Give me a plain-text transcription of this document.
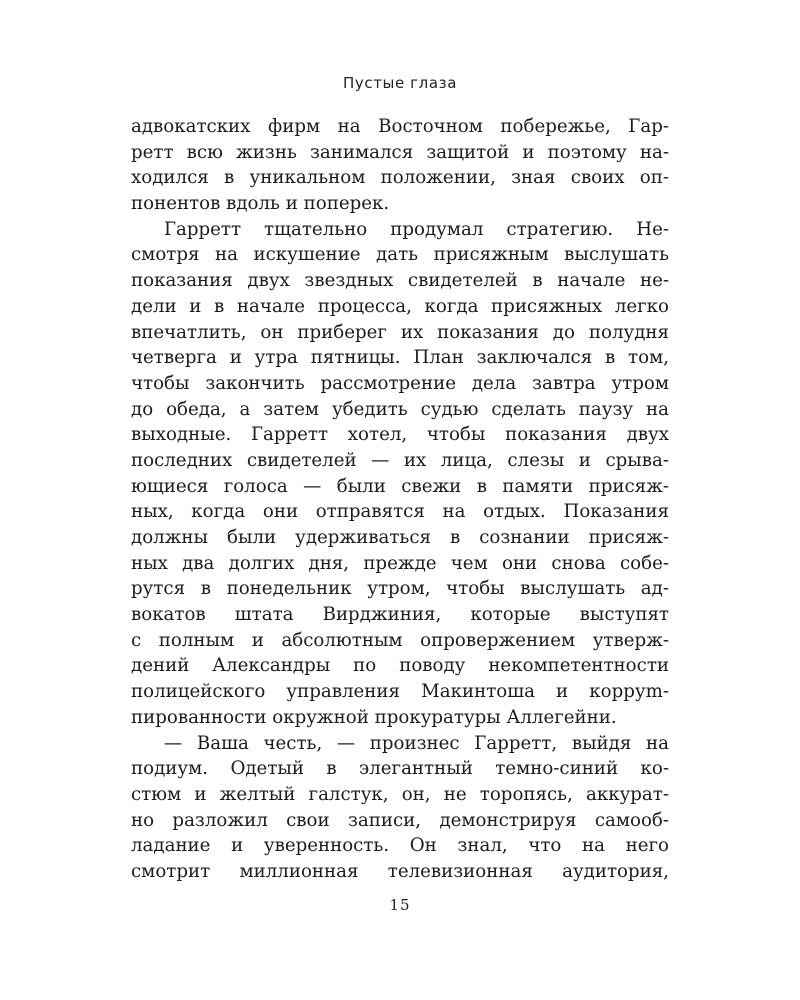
Пустые глаза
адвокатских фирм на Восточном побережье, Гар-
ретт всю жизнь занимался защитой и поэтому на-
ходился в уникальном положении, зная своих оп-
понентов вдоль и поперек.
Гарретт тщательно продумал стратегию. Не-
смотря на искушение дать присяжным выслушать
показания двух звездных свидетелей в начале не-
дели и в начале процесса, когда присяжных легко
впечатлить, он приберег их показания до полудня
четверга и утра пятницы. План заключался в том,
чтобы закончить рассмотрение дела завтра утром
до обеда, а затем убедить судью сделать паузу на
выходные. Гарретт хотел, чтобы показания двух
последних свидетелей — их лица, слезы и срыва-
ющиеся голоса — были свежи в памяти присяж-
ных, когда они отправятся на отдых. Показания
должны были удерживаться в сознании присяж-
ных два долгих дня, прежде чем они снова собе-
рутся в понедельник утром, чтобы выслушать ад-
вокатов штата Вирджиния, которые выступят
с полным и абсолютным опровержением утверж-
дений Александры по поводу некомпетентности
полицейского управления Макинтоша и корруm-
пированности окружной прокуратуры Аллегейни.
— Ваша честь, — произнес Гарретт, выйдя на
подиум. Одетый в элегантный темно-синий ко-
стюм и желтый галстук, он, не торопясь, аккурат-
но разложил свои записи, демонстрируя самооб-
ладание и уверенность. Он знал, что на него
смотрит миллионная телевизионная аудитория,
15
